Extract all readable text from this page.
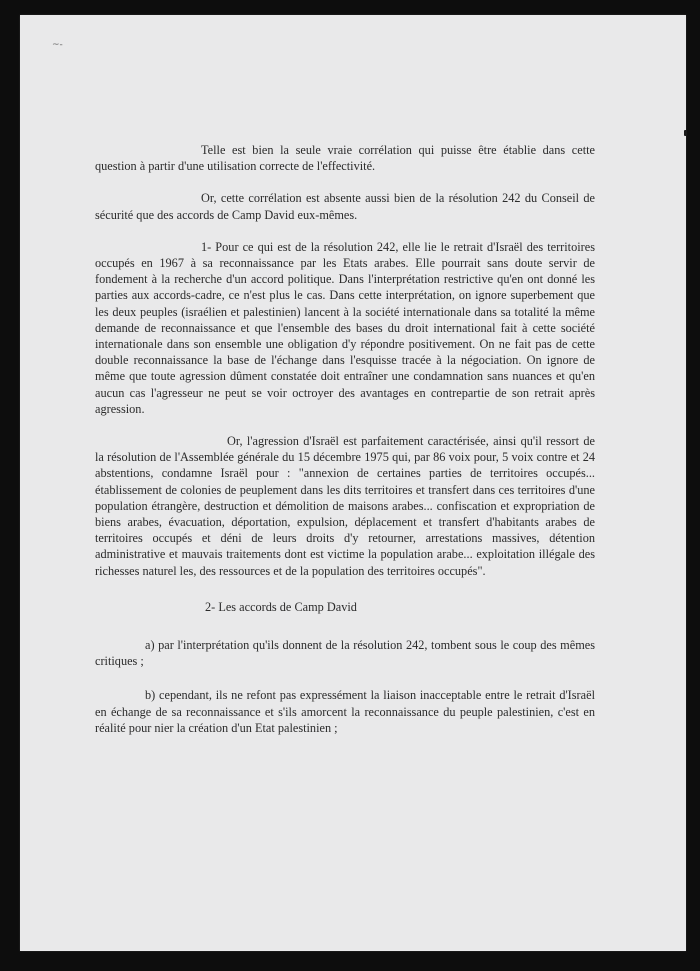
~-

Telle est bien la seule vraie corrélation qui puisse être établie dans cette question à partir d'une utilisation correcte de l'effectivité.

Or, cette corrélation est absente aussi bien de la résolution 242 du Conseil de sécurité que des accords de Camp David eux-mêmes.

1- Pour ce qui est de la résolution 242, elle lie le retrait d'Israël des territoires occupés en 1967 à sa reconnaissance par les Etats arabes. Elle pourrait sans doute servir de fondement à la recherche d'un accord politique. Dans l'interprétation restrictive qu'en ont donné les parties aux accords-cadre, ce n'est plus le cas. Dans cette interprétation, on ignore superbement que les deux peuples (israélien et palestinien) lancent à la société internationale dans sa totalité la même demande de reconnaissance et que l'ensemble des bases du droit international fait à cette société internationale dans son ensemble une obligation d'y répondre positivement. On ne fait pas de cette double reconnaissance la base de l'échange dans l'esquisse tracée à la négociation. On ignore de même que toute agression dûment constatée doit entraîner une condamnation sans nuances et qu'en aucun cas l'agresseur ne peut se voir octroyer des avantages en contrepartie de son retrait après agression.

Or, l'agression d'Israël est parfaitement caractérisée, ainsi qu'il ressort de la résolution de l'Assemblée générale du 15 décembre 1975 qui, par 86 voix pour, 5 voix contre et 24 abstentions, condamne Israël pour : "annexion de certaines parties de territoires occupés... établissement de colonies de peuplement dans les dits territoires et transfert dans ces territoires d'une population étrangère, destruction et démolition de maisons arabes... confiscation et expropriation de biens arabes, évacuation, déportation, expulsion, déplacement et transfert d'habitants arabes de territoires occupés et déni de leurs droits d'y retourner, arrestations massives, détention administrative et mauvais traitements dont est victime la population arabe... exploitation illégale des richesses naturel les, des ressources et de la population des territoires occupés".

2- Les accords de Camp David

a) par l'interprétation qu'ils donnent de la résolution 242, tombent sous le coup des mêmes critiques ;

b) cependant, ils ne refont pas expressément la liaison inacceptable entre le retrait d'Israël en échange de sa reconnaissance et s'ils amorcent la reconnaissance du peuple palestinien, c'est en réalité pour nier la création d'un Etat palestinien ;
